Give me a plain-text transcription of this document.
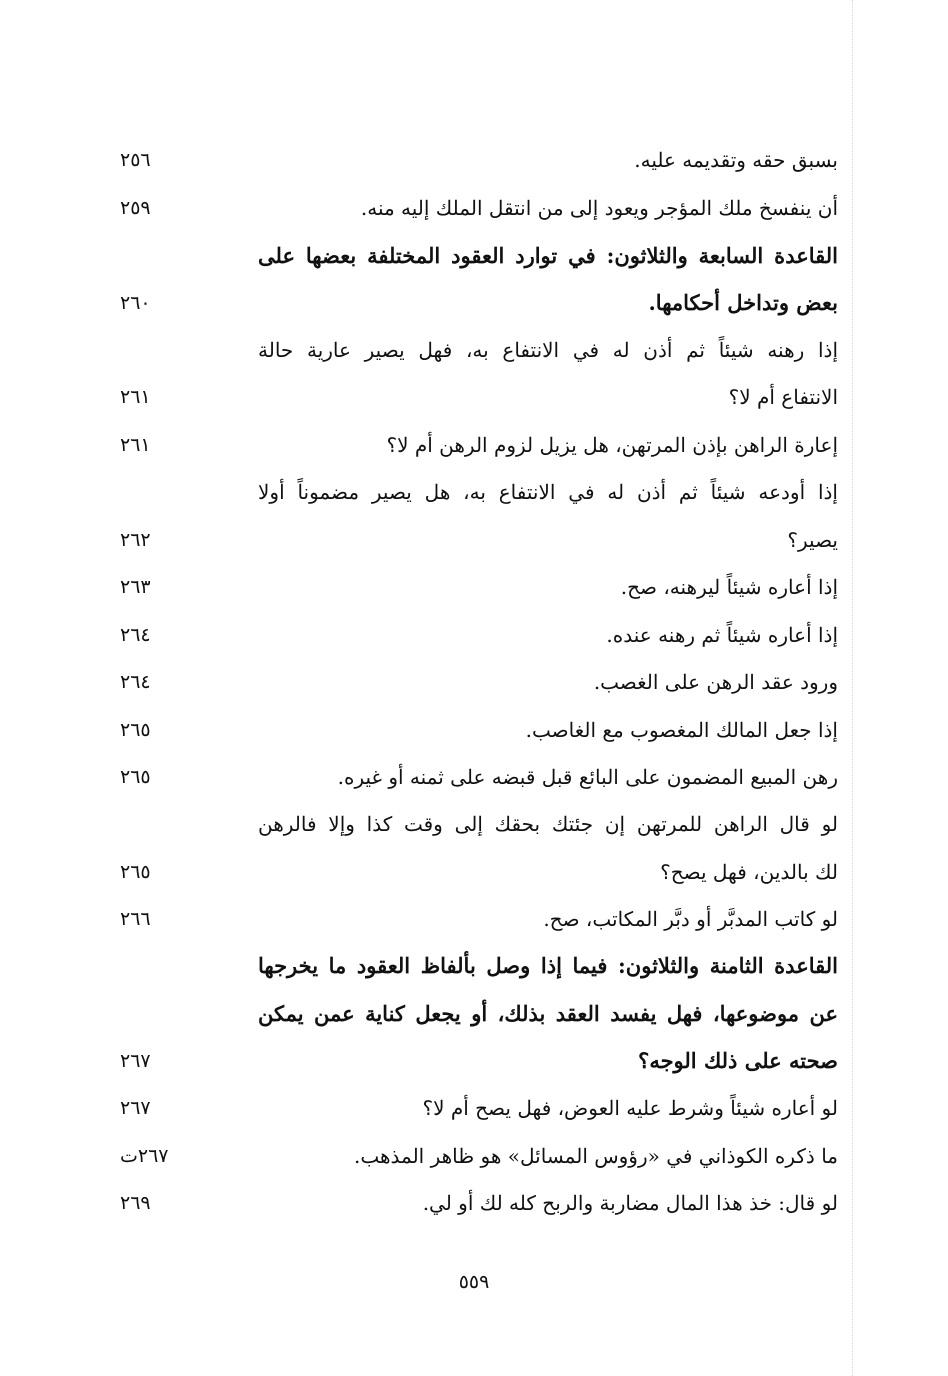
بسبق حقه وتقديمه عليه.
٢٥٦
أن ينفسخ ملك المؤجر ويعود إلى من انتقل الملك إليه منه.
٢٥٩
القاعدة السابعة والثلاثون: في توارد العقود المختلفة بعضها على
بعض وتداخل أحكامها.
٢٦٠
إذا رهنه شيئاً ثم أذن له في الانتفاع به، فهل يصير عارية حالة
الانتفاع أم لا؟
٢٦١
إعارة الراهن بإذن المرتهن، هل يزيل لزوم الرهن أم لا؟
٢٦١
إذا أودعه شيئاً ثم أذن له في الانتفاع به، هل يصير مضموناً أولا
يصير؟
٢٦٢
إذا أعاره شيئاً ليرهنه، صح.
٢٦٣
إذا أعاره شيئاً ثم رهنه عنده.
٢٦٤
ورود عقد الرهن على الغصب.
٢٦٤
إذا جعل المالك المغصوب مع الغاصب.
٢٦٥
رهن المبيع المضمون على البائع قبل قبضه على ثمنه أو غيره.
٢٦٥
لو قال الراهن للمرتهن إن جئتك بحقك إلى وقت كذا وإلا فالرهن
لك بالدين، فهل يصح؟
٢٦٥
لو كاتب المدبَّر أو دبَّر المكاتب، صح.
٢٦٦
القاعدة الثامنة والثلاثون: فيما إذا وصل بألفاظ العقود ما يخرجها
عن موضوعها، فهل يفسد العقد بذلك، أو يجعل كناية عمن يمكن
صحته على ذلك الوجه؟
٢٦٧
لو أعاره شيئاً وشرط عليه العوض، فهل يصح أم لا؟
٢٦٧
ما ذكره الكوذاني في «رؤوس المسائل» هو ظاهر المذهب.
٢٦٧ت
لو قال: خذ هذا المال مضاربة والربح كله لك أو لي.
٢٦٩
٥٥٩
